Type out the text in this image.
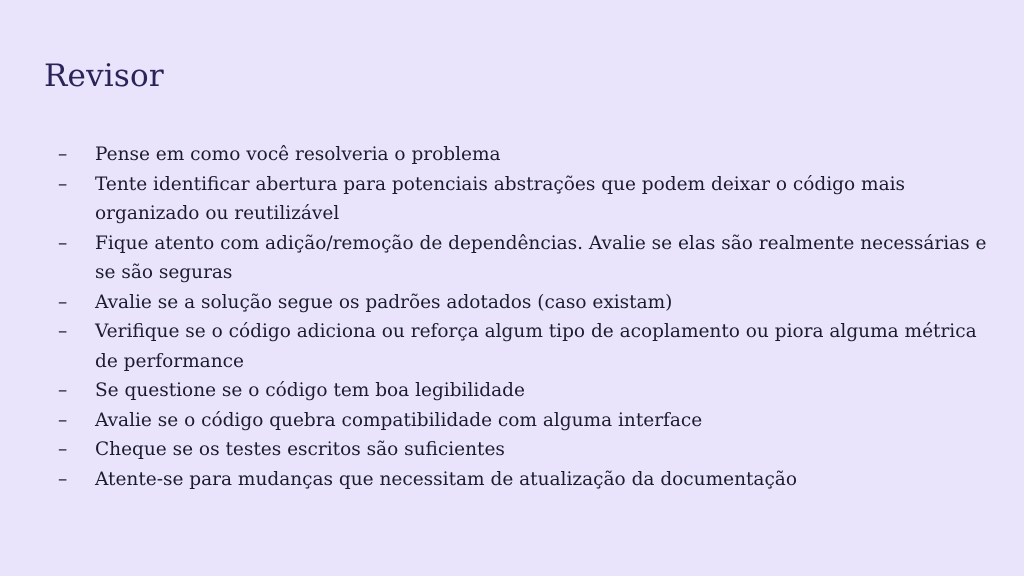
Revisor
–	Pense em como você resolveria o problema
–	Tente identificar abertura para potenciais abstrações que podem deixar o código mais organizado ou reutilizável
–	Fique atento com adição/remoção de dependências. Avalie se elas são realmente necessárias e se são seguras
–	Avalie se a solução segue os padrões adotados (caso existam)
–	Verifique se o código adiciona ou reforça algum tipo de acoplamento ou piora alguma métrica de performance
–	Se questione se o código tem boa legibilidade
–	Avalie se o código quebra compatibilidade com alguma interface
–	Cheque se os testes escritos são suficientes
–	Atente-se para mudanças que necessitam de atualização da documentação
